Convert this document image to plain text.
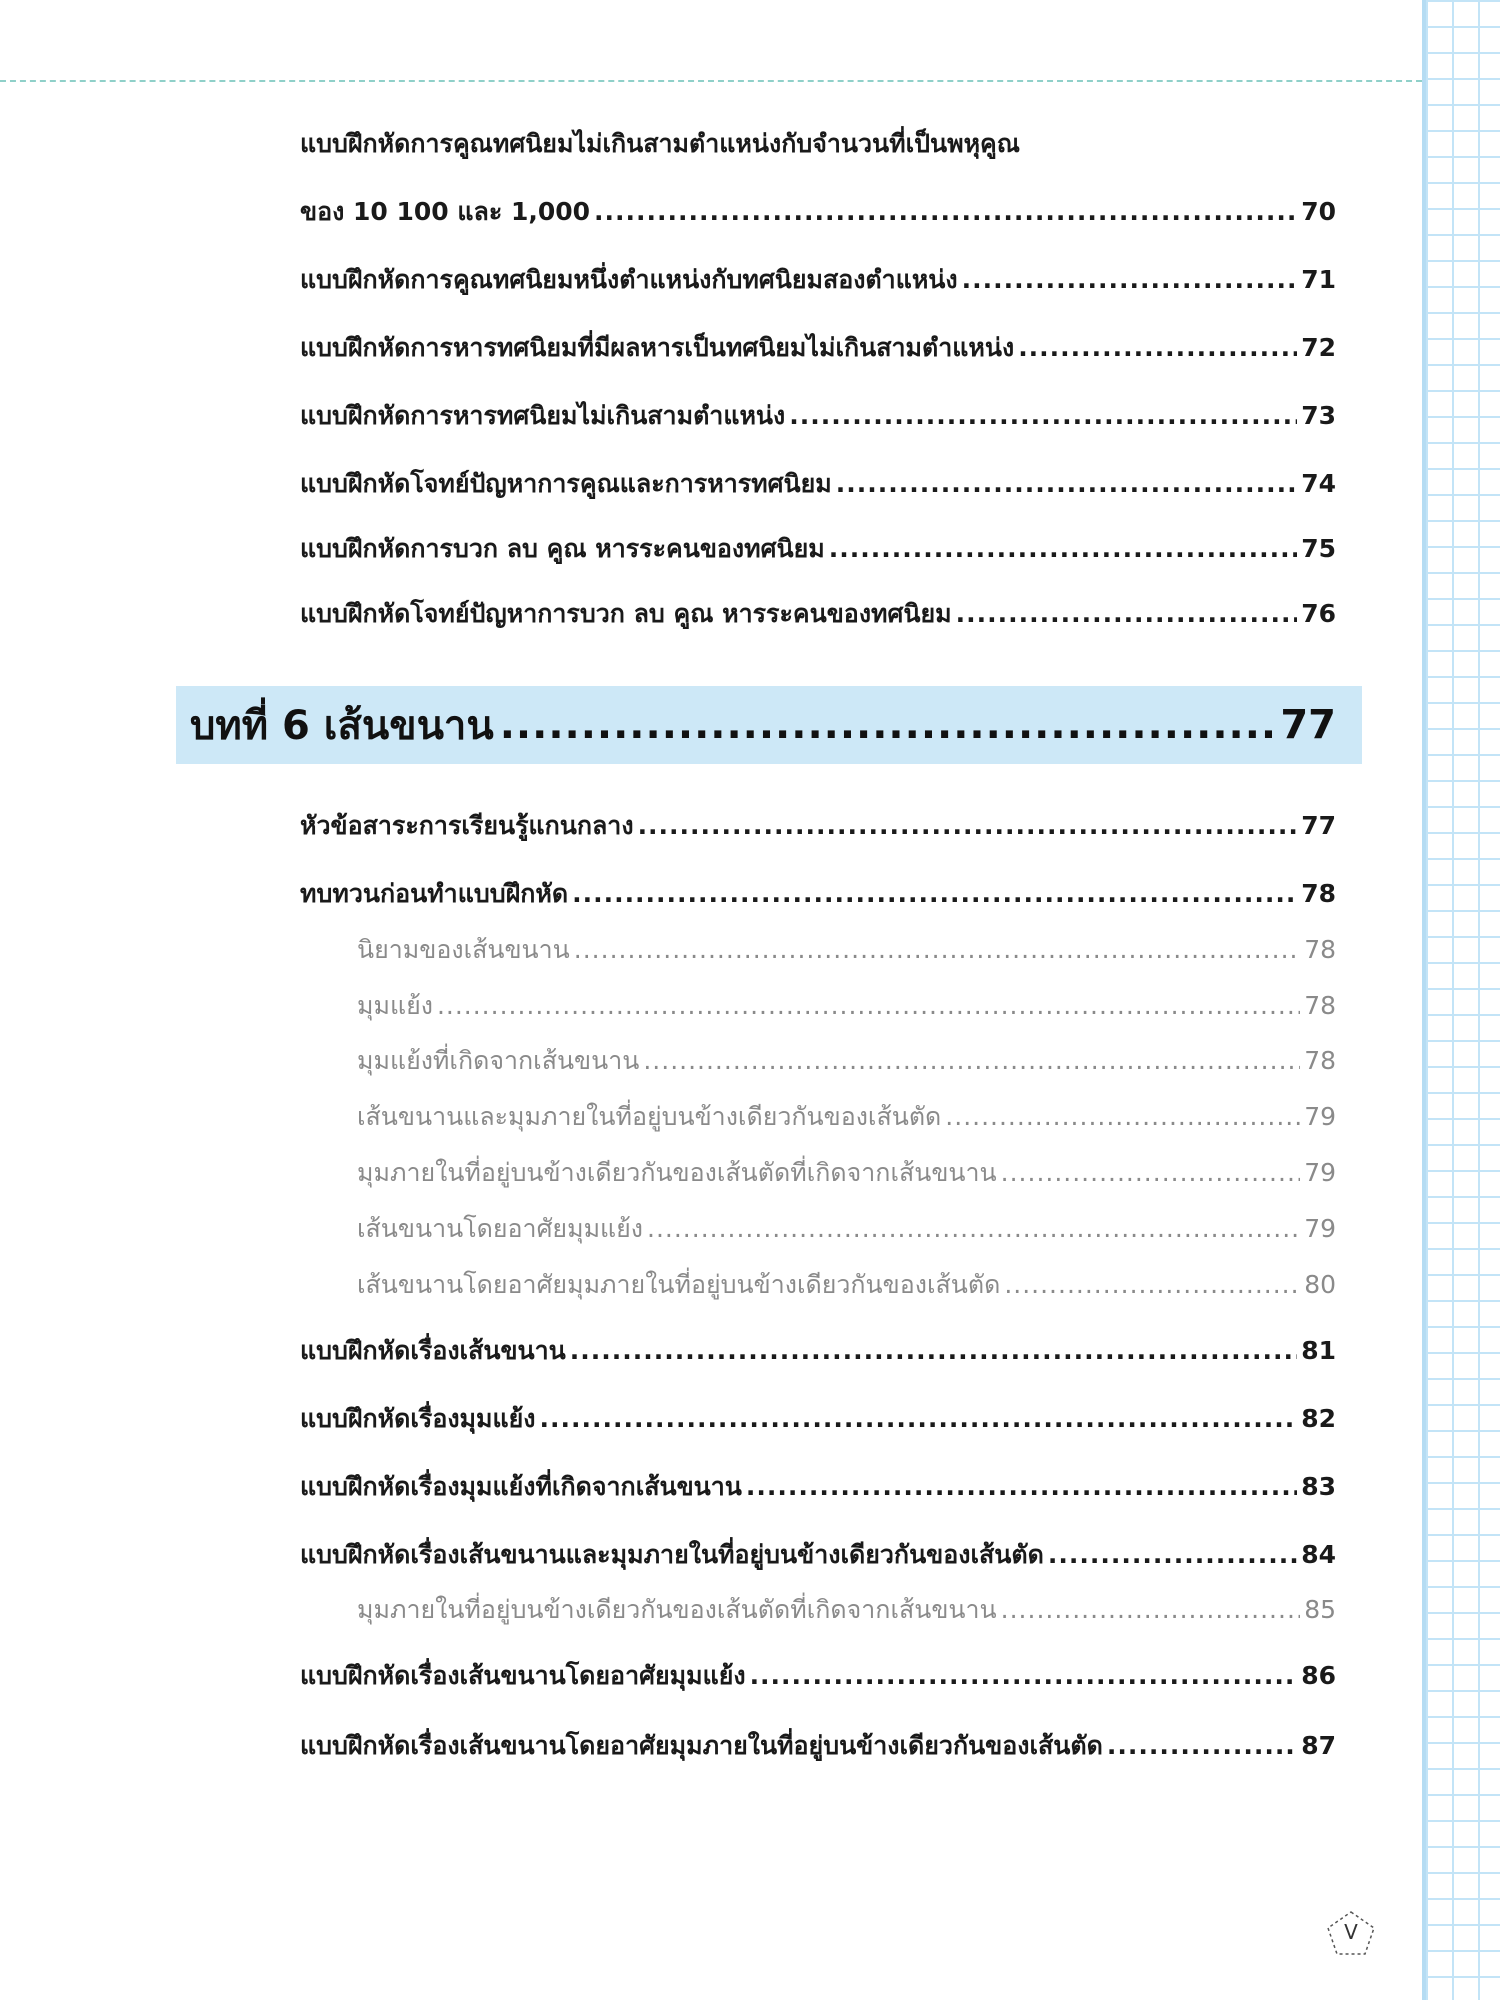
แบบฝึกหัดการคูณทศนิยมไม่เกินสามตำแหน่งกับจำนวนที่เป็นพหุคูณ
ของ 10 100 และ 1,000 .....	70
แบบฝึกหัดการคูณทศนิยมหนึ่งตำแหน่งกับทศนิยมสองตำแหน่ง .....	71
แบบฝึกหัดการหารทศนิยมที่มีผลหารเป็นทศนิยมไม่เกินสามตำแหน่ง .....	72
แบบฝึกหัดการหารทศนิยมไม่เกินสามตำแหน่ง .....	73
แบบฝึกหัดโจทย์ปัญหาการคูณและการหารทศนิยม .....	74
แบบฝึกหัดการบวก ลบ คูณ หารระคนของทศนิยม .....	75
แบบฝึกหัดโจทย์ปัญหาการบวก ลบ คูณ หารระคนของทศนิยม .....	76
บทที่ 6 เส้นขนาน .....	77
หัวข้อสาระการเรียนรู้แกนกลาง .....	77
ทบทวนก่อนทำแบบฝึกหัด .....	78
นิยามของเส้นขนาน .....	78
มุมแย้ง .....	78
มุมแย้งที่เกิดจากเส้นขนาน .....	78
เส้นขนานและมุมภายในที่อยู่บนข้างเดียวกันของเส้นตัด .....	79
มุมภายในที่อยู่บนข้างเดียวกันของเส้นตัดที่เกิดจากเส้นขนาน .....	79
เส้นขนานโดยอาศัยมุมแย้ง .....	79
เส้นขนานโดยอาศัยมุมภายในที่อยู่บนข้างเดียวกันของเส้นตัด .....	80
แบบฝึกหัดเรื่องเส้นขนาน .....	81
แบบฝึกหัดเรื่องมุมแย้ง .....	82
แบบฝึกหัดเรื่องมุมแย้งที่เกิดจากเส้นขนาน .....	83
แบบฝึกหัดเรื่องเส้นขนานและมุมภายในที่อยู่บนข้างเดียวกันของเส้นตัด .....	84
มุมภายในที่อยู่บนข้างเดียวกันของเส้นตัดที่เกิดจากเส้นขนาน .....	85
แบบฝึกหัดเรื่องเส้นขนานโดยอาศัยมุมแย้ง .....	86
แบบฝึกหัดเรื่องเส้นขนานโดยอาศัยมุมภายในที่อยู่บนข้างเดียวกันของเส้นตัด .....	87
V
